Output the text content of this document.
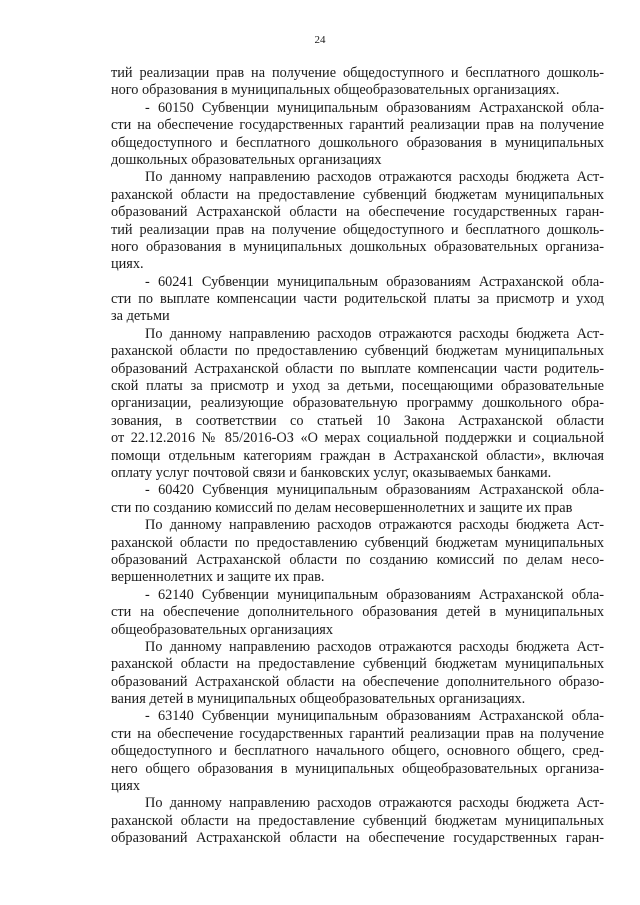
24
тий реализации прав на получение общедоступного и бесплатного дошколь-
ного образования в муниципальных общеобразовательных организациях.
- 60150 Субвенции муниципальным образованиям Астраханской обла-
сти на обеспечение государственных гарантий реализации прав на получение
общедоступного и бесплатного дошкольного образования в муниципальных
дошкольных образовательных организациях
По данному направлению расходов отражаются расходы бюджета Аст-
раханской области на предоставление субвенций бюджетам муниципальных
образований Астраханской области на обеспечение государственных гаран-
тий реализации прав на получение общедоступного и бесплатного дошколь-
ного образования в муниципальных дошкольных образовательных организа-
циях.
- 60241 Субвенции муниципальным образованиям Астраханской обла-
сти по выплате компенсации части родительской платы за присмотр и уход
за детьми
По данному направлению расходов отражаются расходы бюджета Аст-
раханской области по предоставлению субвенций бюджетам муниципальных
образований Астраханской области по выплате компенсации части родитель-
ской платы за присмотр и уход за детьми, посещающими образовательные
организации, реализующие образовательную программу дошкольного обра-
зования, в соответствии со статьей 10 Закона Астраханской области
от 22.12.2016 № 85/2016-ОЗ «О мерах социальной поддержки и социальной
помощи отдельным категориям граждан в Астраханской области», включая
оплату услуг почтовой связи и банковских услуг, оказываемых банками.
- 60420 Субвенция муниципальным образованиям Астраханской обла-
сти по созданию комиссий по делам несовершеннолетних и защите их прав
По данному направлению расходов отражаются расходы бюджета Аст-
раханской области по предоставлению субвенций бюджетам муниципальных
образований Астраханской области по созданию комиссий по делам несо-
вершеннолетних и защите их прав.
- 62140 Субвенции муниципальным образованиям Астраханской обла-
сти на обеспечение дополнительного образования детей в муниципальных
общеобразовательных организациях
По данному направлению расходов отражаются расходы бюджета Аст-
раханской области на предоставление субвенций бюджетам муниципальных
образований Астраханской области на обеспечение дополнительного образо-
вания детей в муниципальных общеобразовательных организациях.
- 63140 Субвенции муниципальным образованиям Астраханской обла-
сти на обеспечение государственных гарантий реализации прав на получение
общедоступного и бесплатного начального общего, основного общего, сред-
него общего образования в муниципальных общеобразовательных организа-
циях
По данному направлению расходов отражаются расходы бюджета Аст-
раханской области на предоставление субвенций бюджетам муниципальных
образований Астраханской области на обеспечение государственных гаран-
